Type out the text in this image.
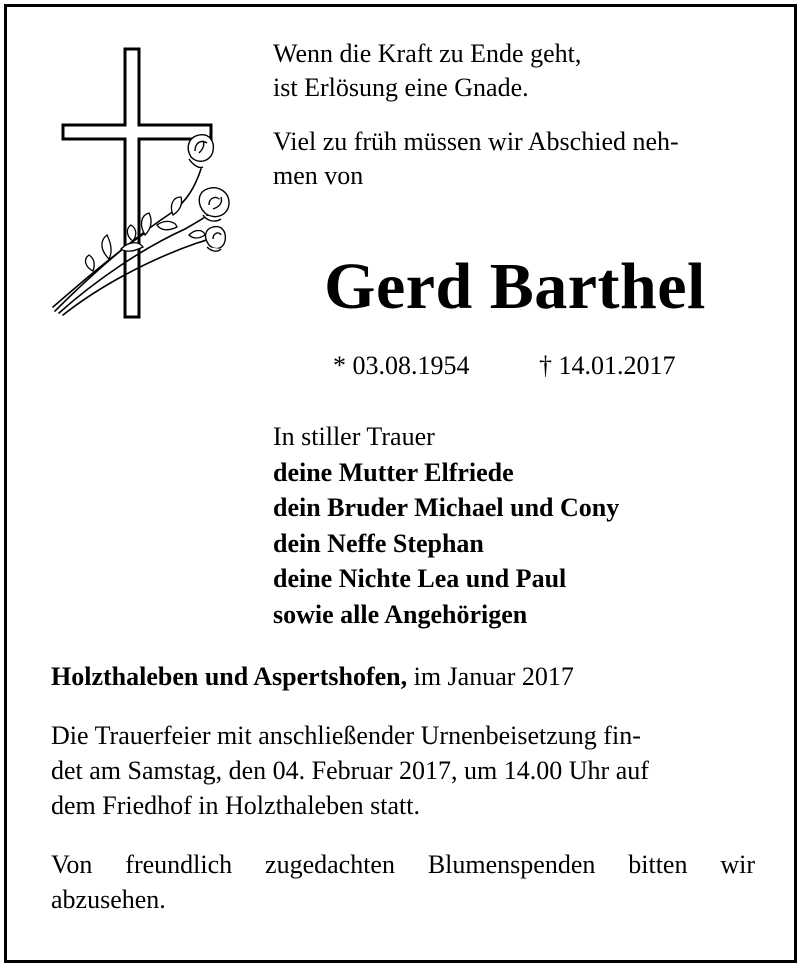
Wenn die Kraft zu Ende geht,
ist Erlösung eine Gnade.

Viel zu früh müssen wir Abschied neh-
men von

Gerd Barthel
* 03.08.1954	† 14.01.2017

In stiller Trauer

deine Mutter Elfriede
dein Bruder Michael und Cony
dein Neffe Stephan
deine Nichte Lea und Paul
sowie alle Angehörigen

Holzthaleben und Aspertshofen, im Januar 2017

Die Trauerfeier mit anschließender Urnenbeisetzung fin-
det am Samstag, den 04. Februar 2017, um 14.00 Uhr auf
dem Friedhof in Holzthaleben statt.

Von freundlich zugedachten Blumenspenden bitten wir
abzusehen.
